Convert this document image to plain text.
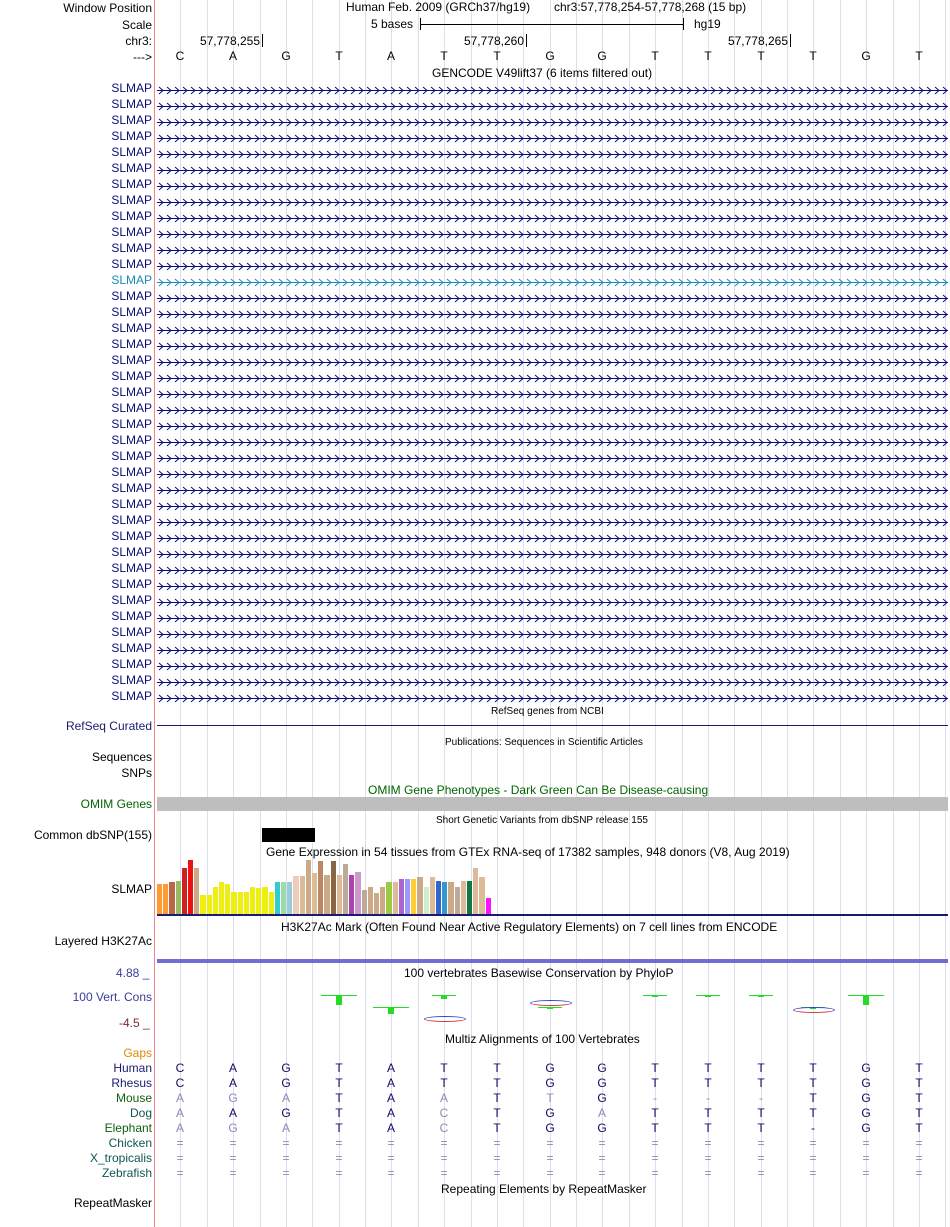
Window Position	Human Feb. 2009 (GRCh37/hg19) chr3:57,778,254-57,778,268 (15 bp)
Scale	5 bases	hg19
chr3:	57,778,255	57,778,260	57,778,265
--->	C	A	G	T	A	T	T	G	G	T	T	T	T	G	T
GENCODE V49lift37 (6 items filtered out)
SLMAP
SLMAP
SLMAP
SLMAP
SLMAP
SLMAP
SLMAP
SLMAP
SLMAP
SLMAP
SLMAP
SLMAP
SLMAP
SLMAP
SLMAP
SLMAP
SLMAP
SLMAP
SLMAP
SLMAP
SLMAP
SLMAP
SLMAP
SLMAP
SLMAP
SLMAP
SLMAP
SLMAP
SLMAP
SLMAP
SLMAP
SLMAP
SLMAP
SLMAP
SLMAP
SLMAP
SLMAP
SLMAP
SLMAP
RefSeq genes from NCBI
RefSeq Curated
Publications: Sequences in Scientific Articles
Sequences
SNPs
OMIM Gene Phenotypes - Dark Green Can Be Disease-causing
OMIM Genes
Short Genetic Variants from dbSNP release 155
Common dbSNP(155)
Gene Expression in 54 tissues from GTEx RNA-seq of 17382 samples, 948 donors (V8, Aug 2019)
SLMAP
H3K27Ac Mark (Often Found Near Active Regulatory Elements) on 7 cell lines from ENCODE
Layered H3K27Ac
100 vertebrates Basewise Conservation by PhyloP
4.88 _
100 Vert. Cons
-4.5 _
Multiz Alignments of 100 Vertebrates
Gaps
Human	C	A	G	T	A	T	T	G	G	T	T	T	T	G	T
Rhesus	C	A	G	T	A	T	T	G	G	T	T	T	T	G	T
Mouse	A	G	A	T	A	A	T	T	G	-	-	-	T	G	T
Dog	A	A	G	T	A	C	T	G	A	T	T	T	T	G	T
Elephant	A	G	A	T	A	C	T	G	G	T	T	T	-	G	T
Chicken	=	=	=	=	=	=	=	=	=	=	=	=	=	=	=
X_tropicalis	=	=	=	=	=	=	=	=	=	=	=	=	=	=	=
Zebrafish	=	=	=	=	=	=	=	=	=	=	=	=	=	=	=
Repeating Elements by RepeatMasker
RepeatMasker
